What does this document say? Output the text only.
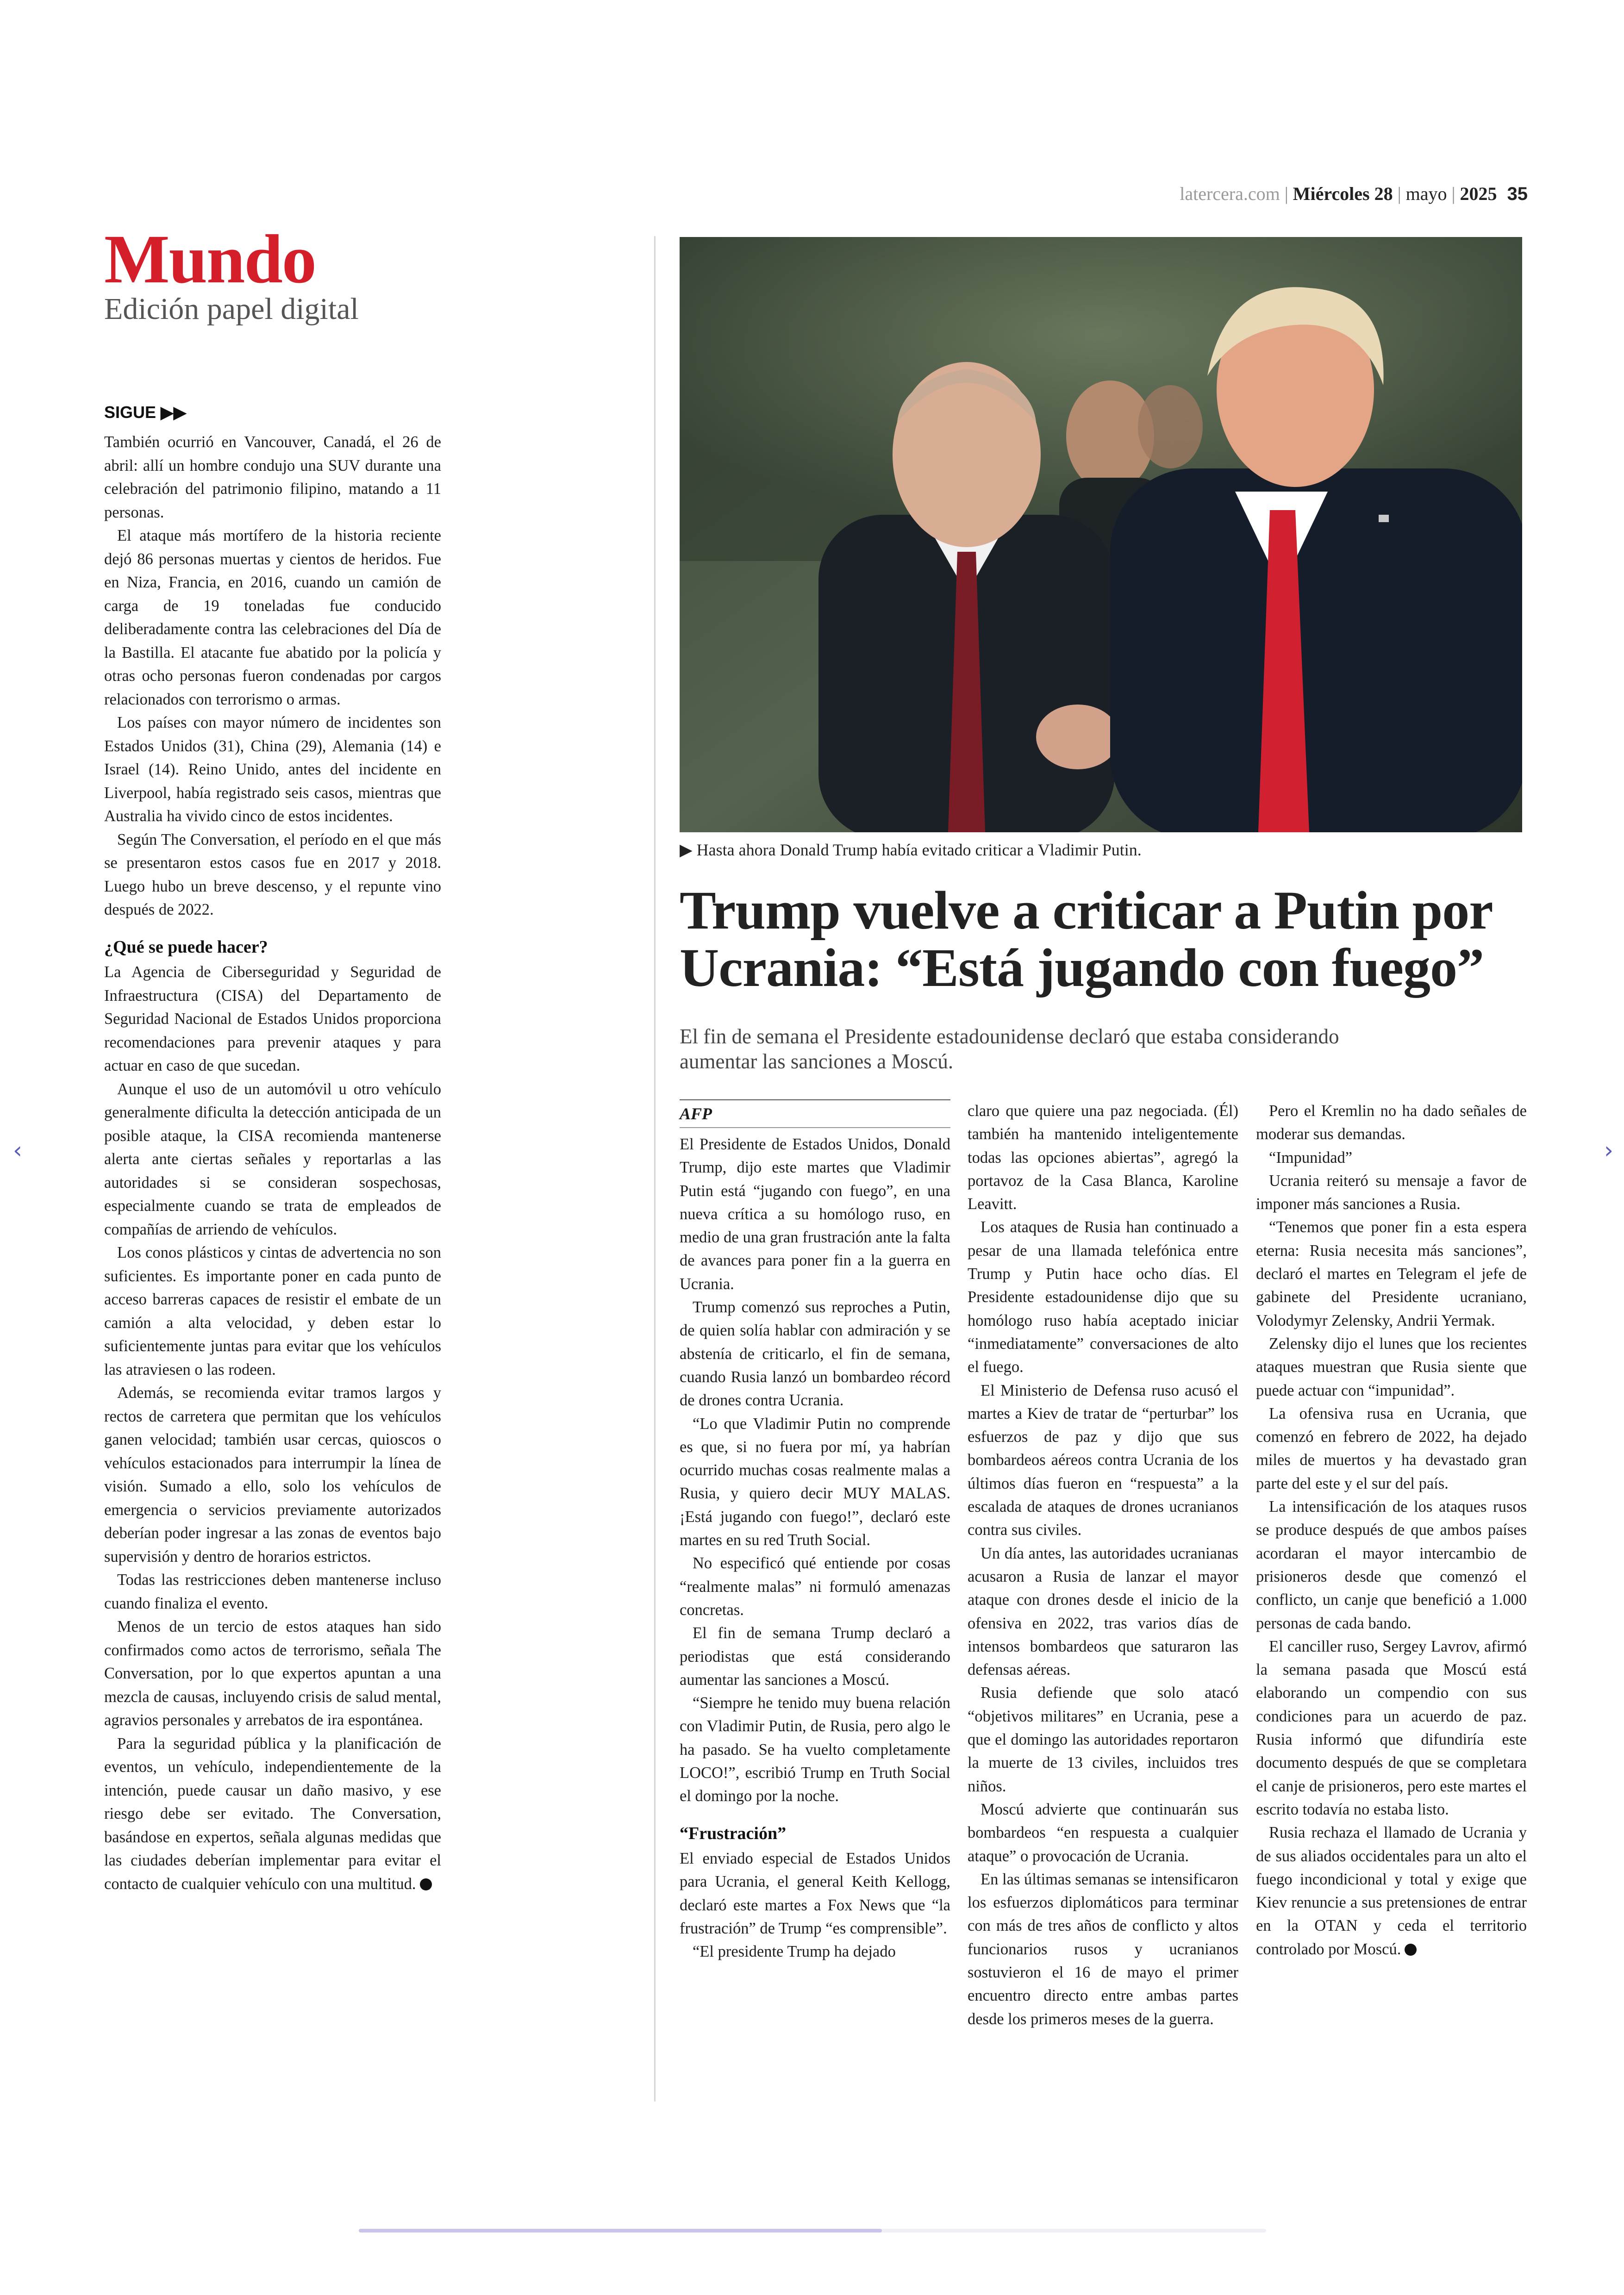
latercera.com | Miércoles 28 | mayo | 2025 35
Mundo
Edición papel digital
SIGUE ▶▶

También ocurrió en Vancouver, Canadá, el 26 de abril: allí un hombre condujo una SUV durante una celebración del patrimonio filipino, matando a 11 personas.

El ataque más mortífero de la historia reciente dejó 86 personas muertas y cientos de heridos. Fue en Niza, Francia, en 2016, cuando un camión de carga de 19 toneladas fue conducido deliberadamente contra las celebraciones del Día de la Bastilla. El atacante fue abatido por la policía y otras ocho personas fueron condenadas por cargos relacionados con terrorismo o armas.

Los países con mayor número de incidentes son Estados Unidos (31), China (29), Alemania (14) e Israel (14). Reino Unido, antes del incidente en Liverpool, había registrado seis casos, mientras que Australia ha vivido cinco de estos incidentes.

Según The Conversation, el período en el que más se presentaron estos casos fue en 2017 y 2018. Luego hubo un breve descenso, y el repunte vino después de 2022.

¿Qué se puede hacer?

La Agencia de Ciberseguridad y Seguridad de Infraestructura (CISA) del Departamento de Seguridad Nacional de Estados Unidos proporciona recomendaciones para prevenir ataques y para actuar en caso de que sucedan.

Aunque el uso de un automóvil u otro vehículo generalmente dificulta la detección anticipada de un posible ataque, la CISA recomienda mantenerse alerta ante ciertas señales y reportarlas a las autoridades si se consideran sospechosas, especialmente cuando se trata de empleados de compañías de arriendo de vehículos.

Los conos plásticos y cintas de advertencia no son suficientes. Es importante poner en cada punto de acceso barreras capaces de resistir el embate de un camión a alta velocidad, y deben estar lo suficientemente juntas para evitar que los vehículos las atraviesen o las rodeen.

Además, se recomienda evitar tramos largos y rectos de carretera que permitan que los vehículos ganen velocidad; también usar cercas, quioscos o vehículos estacionados para interrumpir la línea de visión. Sumado a ello, solo los vehículos de emergencia o servicios previamente autorizados deberían poder ingresar a las zonas de eventos bajo supervisión y dentro de horarios estrictos.

Todas las restricciones deben mantenerse incluso cuando finaliza el evento.

Menos de un tercio de estos ataques han sido confirmados como actos de terrorismo, señala The Conversation, por lo que expertos apuntan a una mezcla de causas, incluyendo crisis de salud mental, agravios personales y arrebatos de ira espontánea.

Para la seguridad pública y la planificación de eventos, un vehículo, independientemente de la intención, puede causar un daño masivo, y ese riesgo debe ser evitado. The Conversation, basándose en expertos, señala algunas medidas que las ciudades deberían implementar para evitar el contacto de cualquier vehículo con una multitud.

▶ Hasta ahora Donald Trump había evitado criticar a Vladimir Putin.
Trump vuelve a criticar a Putin por
Ucrania: “Está jugando con fuego”
El fin de semana el Presidente estadounidense declaró que estaba considerando aumentar las sanciones a Moscú.
AFP

El Presidente de Estados Unidos, Donald Trump, dijo este martes que Vladimir Putin está “jugando con fuego”, en una nueva crítica a su homólogo ruso, en medio de una gran frustración ante la falta de avances para poner fin a la guerra en Ucrania.

Trump comenzó sus reproches a Putin, de quien solía hablar con admiración y se abstenía de criticarlo, el fin de semana, cuando Rusia lanzó un bombardeo récord de drones contra Ucrania.

“Lo que Vladimir Putin no comprende es que, si no fuera por mí, ya habrían ocurrido muchas cosas realmente malas a Rusia, y quiero decir MUY MALAS. ¡Está jugando con fuego!”, declaró este martes en su red Truth Social.

No especificó qué entiende por cosas “realmente malas” ni formuló amenazas concretas.

El fin de semana Trump declaró a periodistas que está considerando aumentar las sanciones a Moscú.

“Siempre he tenido muy buena relación con Vladimir Putin, de Rusia, pero algo le ha pasado. Se ha vuelto completamente LOCO!”, escribió Trump en Truth Social el domingo por la noche.

“Frustración”

El enviado especial de Estados Unidos para Ucrania, el general Keith Kellogg, declaró este martes a Fox News que “la frustración” de Trump “es comprensible”.

“El presidente Trump ha dejado

claro que quiere una paz negociada. (Él) también ha mantenido inteligentemente todas las opciones abiertas”, agregó la portavoz de la Casa Blanca, Karoline Leavitt.

Los ataques de Rusia han continuado a pesar de una llamada telefónica entre Trump y Putin hace ocho días. El Presidente estadounidense dijo que su homólogo ruso había aceptado iniciar “inmediatamente” conversaciones de alto el fuego.

El Ministerio de Defensa ruso acusó el martes a Kiev de tratar de “perturbar” los esfuerzos de paz y dijo que sus bombardeos aéreos contra Ucrania de los últimos días fueron en “respuesta” a la escalada de ataques de drones ucranianos contra sus civiles.

Un día antes, las autoridades ucranianas acusaron a Rusia de lanzar el mayor ataque con drones desde el inicio de la ofensiva en 2022, tras varios días de intensos bombardeos que saturaron las defensas aéreas.

Rusia defiende que solo atacó “objetivos militares” en Ucrania, pese a que el domingo las autoridades reportaron la muerte de 13 civiles, incluidos tres niños.

Moscú advierte que continuarán sus bombardeos “en respuesta a cualquier ataque” o provocación de Ucrania.

En las últimas semanas se intensificaron los esfuerzos diplomáticos para terminar con más de tres años de conflicto y altos funcionarios rusos y ucranianos sostuvieron el 16 de mayo el primer encuentro directo entre ambas partes desde los primeros meses de la guerra.

Pero el Kremlin no ha dado señales de moderar sus demandas.

“Impunidad”

Ucrania reiteró su mensaje a favor de imponer más sanciones a Rusia.

“Tenemos que poner fin a esta espera eterna: Rusia necesita más sanciones”, declaró el martes en Telegram el jefe de gabinete del Presidente ucraniano, Volodymyr Zelensky, Andrii Yermak.

Zelensky dijo el lunes que los recientes ataques muestran que Rusia siente que puede actuar con “impunidad”.

La ofensiva rusa en Ucrania, que comenzó en febrero de 2022, ha dejado miles de muertos y ha devastado gran parte del este y el sur del país.

La intensificación de los ataques rusos se produce después de que ambos países acordaran el mayor intercambio de prisioneros desde que comenzó el conflicto, un canje que benefició a 1.000 personas de cada bando.

El canciller ruso, Sergey Lavrov, afirmó la semana pasada que Moscú está elaborando un compendio con sus condiciones para un acuerdo de paz. Rusia informó que difundiría este documento después de que se completara el canje de prisioneros, pero este martes el escrito todavía no estaba listo.

Rusia rechaza el llamado de Ucrania y de sus aliados occidentales para un alto el fuego incondicional y total y exige que Kiev renuncie a sus pretensiones de entrar en la OTAN y ceda el territorio controlado por Moscú.

‹	›
